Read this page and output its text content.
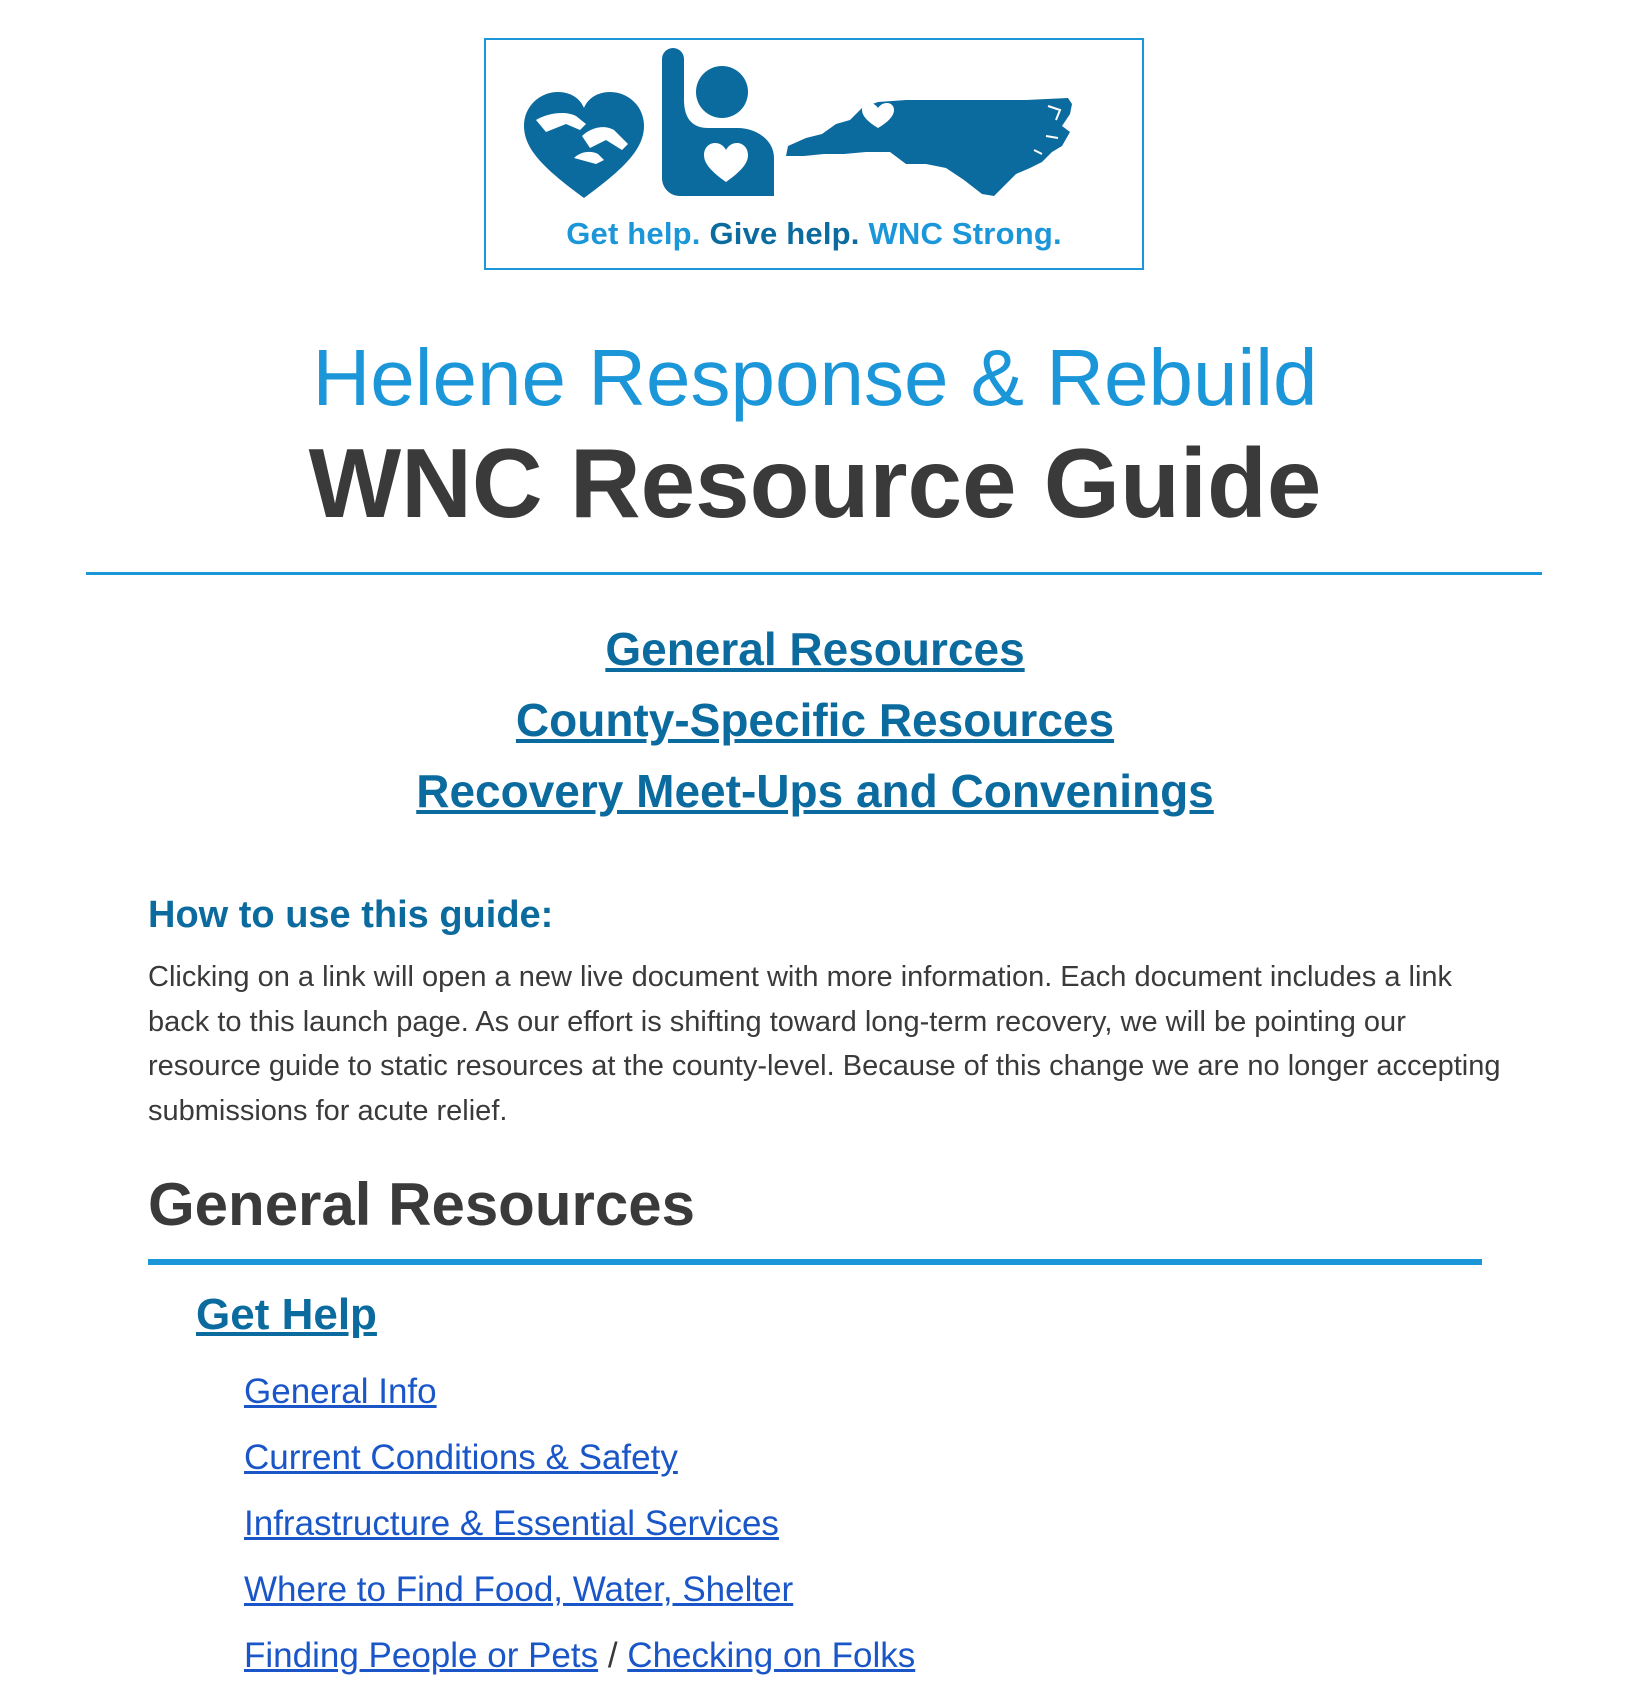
Get help. Give help. WNC Strong.
Helene Response & Rebuild
WNC Resource Guide
General Resources
County-Specific Resources
Recovery Meet-Ups and Convenings
How to use this guide:
Clicking on a link will open a new live document with more information. Each document includes a link back to this launch page. As our effort is shifting toward long-term recovery, we will be pointing our resource guide to static resources at the county-level. Because of this change we are no longer accepting submissions for acute relief.
General Resources
Get Help
General Info
Current Conditions & Safety
Infrastructure & Essential Services
Where to Find Food, Water, Shelter
Finding People or Pets / Checking on Folks
